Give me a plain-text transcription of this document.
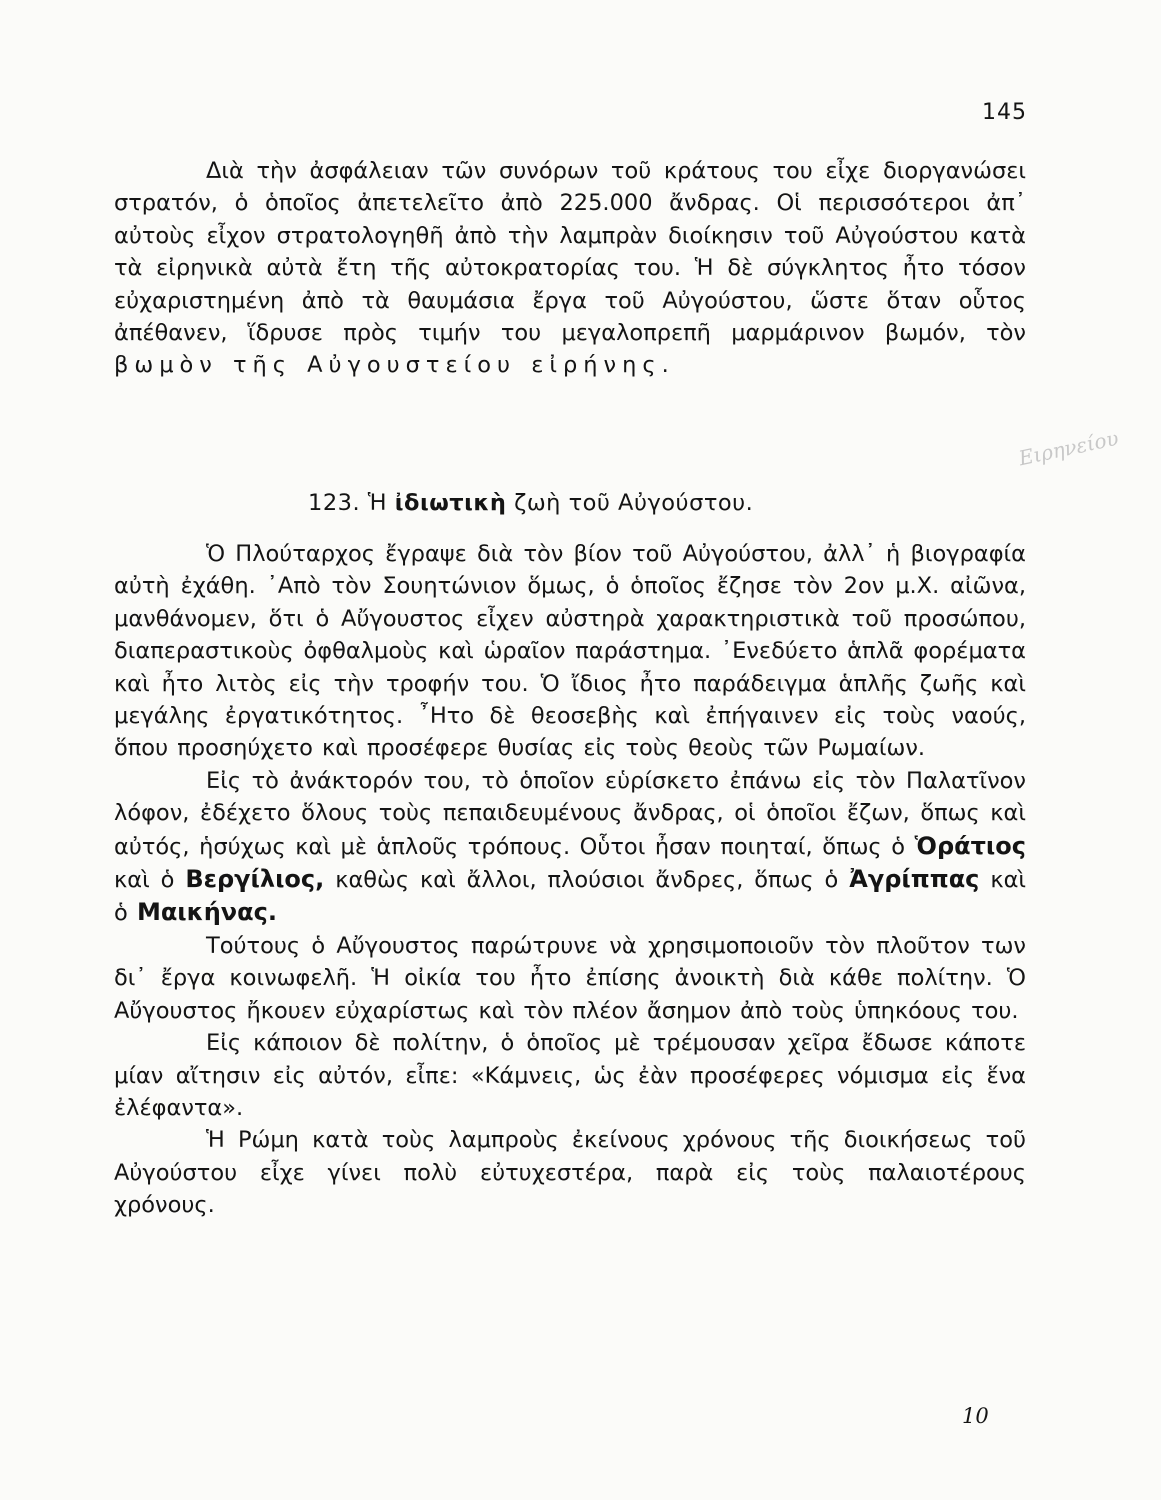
145
Ειρηνείου

Διὰ τὴν ἀσφάλειαν τῶν συνόρων τοῦ κράτους του εἶχε διοργανώσει στρατόν, ὁ ὁποῖος ἀπετελεῖτο ἀπὸ 225.000 ἄνδρας. Οἱ περισσότεροι ἀπ᾽ αὐτοὺς εἶχον στρατολογηθῆ ἀπὸ τὴν λαμπρὰν διοίκησιν τοῦ Αὐγούστου κατὰ τὰ εἰρηνικὰ αὐτὰ ἔτη τῆς αὐτοκρατορίας του. Ἡ δὲ σύγκλητος ἦτο τόσον εὐχαριστημένη ἀπὸ τὰ θαυμάσια ἔργα τοῦ Αὐγούστου, ὥστε ὅταν οὗτος ἀπέθανεν, ἵδρυσε πρὸς τιμήν του μεγαλοπρεπῆ μαρμάρινον βωμόν, τὸν βωμὸν τῆς Αὐγουστείου εἰρήνης.

123. Ἡ ἰδιωτικὴ ζωὴ τοῦ Αὐγούστου.

Ὁ Πλούταρχος ἔγραψε διὰ τὸν βίον τοῦ Αὐγούστου, ἀλλ᾽ ἡ βιογραφία αὐτὴ ἐχάθη. ᾽Απὸ τὸν Σουητώνιον ὅμως, ὁ ὁποῖος ἔζησε τὸν 2ον μ.Χ. αἰῶνα, μανθάνομεν, ὅτι ὁ Αὔγουστος εἶχεν αὐστηρὰ χαρακτηριστικὰ τοῦ προσώπου, διαπεραστικοὺς ὀφθαλμοὺς καὶ ὡραῖον παράστημα. ᾽Ενεδύετο ἁπλᾶ φορέματα καὶ ἦτο λιτὸς εἰς τὴν τροφήν του. Ὁ ἴδιος ἦτο παράδειγμα ἁπλῆς ζωῆς καὶ μεγάλης ἐργατικότητος. ῏Ητο δὲ θεοσεβὴς καὶ ἐπήγαινεν εἰς τοὺς ναούς, ὅπου προσηύχετο καὶ προσέφερε θυσίας εἰς τοὺς θεοὺς τῶν Ρωμαίων.

Εἰς τὸ ἀνάκτορόν του, τὸ ὁποῖον εὑρίσκετο ἐπάνω εἰς τὸν Παλατῖνον λόφον, ἐδέχετο ὅλους τοὺς πεπαιδευμένους ἄνδρας, οἱ ὁποῖοι ἔζων, ὅπως καὶ αὐτός, ἡσύχως καὶ μὲ ἁπλοῦς τρόπους. Οὗτοι ἦσαν ποιηταί, ὅπως ὁ Ὁράτιος καὶ ὁ Βεργίλιος, καθὼς καὶ ἄλλοι, πλούσιοι ἄνδρες, ὅπως ὁ Ἀγρίππας καὶ ὁ Μαικήνας.

Τούτους ὁ Αὔγουστος παρώτρυνε νὰ χρησιμοποιοῦν τὸν πλοῦτον των δι᾽ ἔργα κοινωφελῆ. Ἡ οἰκία του ἦτο ἐπίσης ἀνοικτὴ διὰ κάθε πολίτην. Ὁ Αὔγουστος ἤκουεν εὐχαρίστως καὶ τὸν πλέον ἄσημον ἀπὸ τοὺς ὑπηκόους του.

Εἰς κάποιον δὲ πολίτην, ὁ ὁποῖος μὲ τρέμουσαν χεῖρα ἔδωσε κάποτε μίαν αἴτησιν εἰς αὐτόν, εἶπε: «Κάμνεις, ὡς ἐὰν προσέφερες νόμισμα εἰς ἕνα ἐλέφαντα».

Ἡ Ρώμη κατὰ τοὺς λαμπροὺς ἐκείνους χρόνους τῆς διοικήσεως τοῦ Αὐγούστου εἶχε γίνει πολὺ εὐτυχεστέρα, παρὰ εἰς τοὺς παλαιοτέρους χρόνους.

10
